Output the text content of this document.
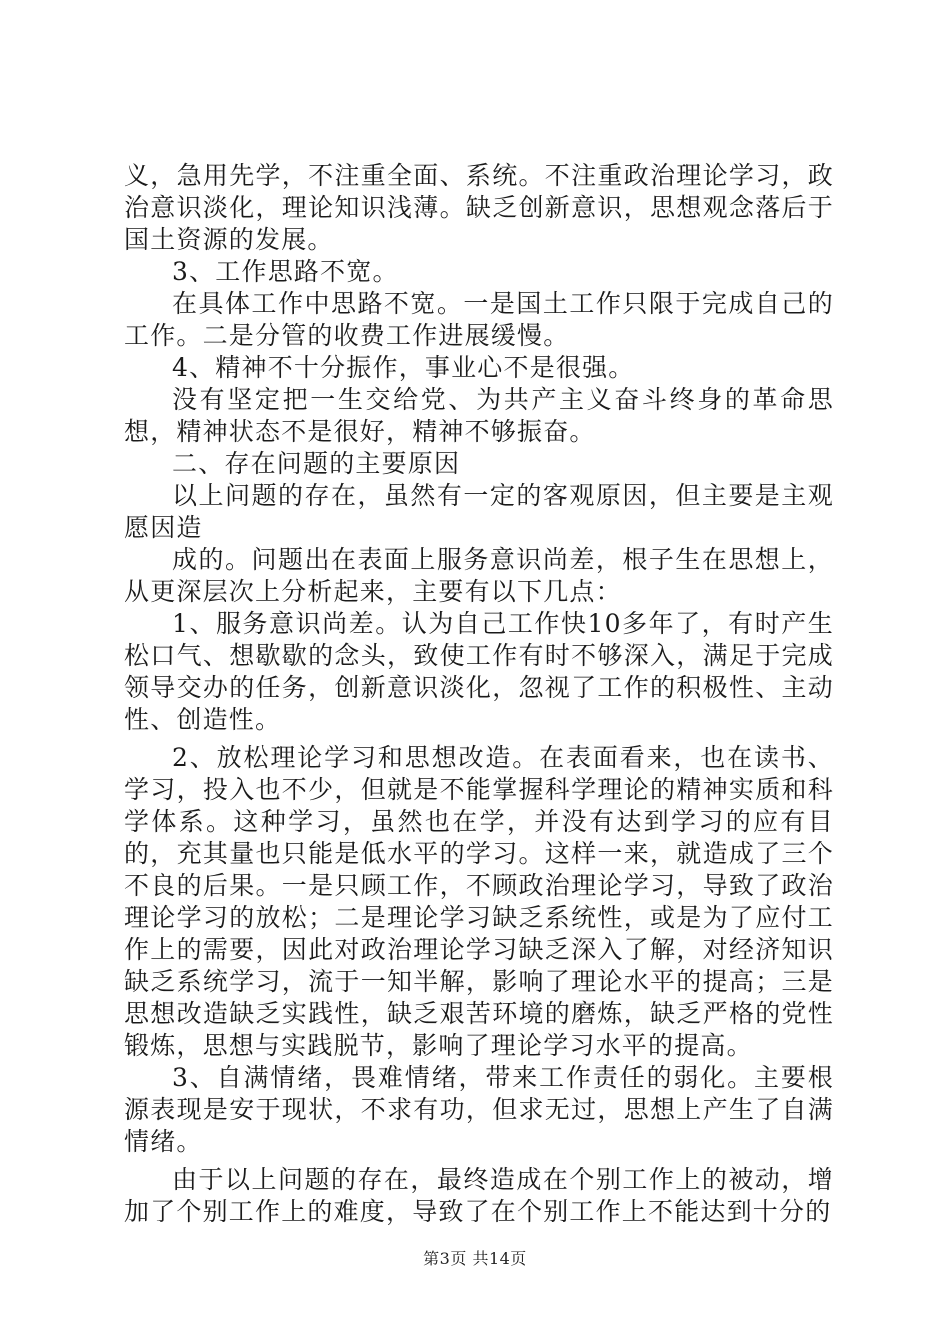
义，急用先学，不注重全面、系统。不注重政治理论学习，政治意识淡化，理论知识浅薄。缺乏创新意识，思想观念落后于国土资源的发展。

3、工作思路不宽。

在具体工作中思路不宽。一是国土工作只限于完成自己的工作。二是分管的收费工作进展缓慢。

4、精神不十分振作，事业心不是很强。

没有坚定把一生交给党、为共产主义奋斗终身的革命思想，精神状态不是很好，精神不够振奋。

二、存在问题的主要原因

以上问题的存在，虽然有一定的客观原因，但主要是主观愿因造

成的。问题出在表面上服务意识尚差，根子生在思想上，从更深层次上分析起来，主要有以下几点：

1、服务意识尚差。认为自己工作快10多年了，有时产生松口气、想歇歇的念头，致使工作有时不够深入，满足于完成领导交办的任务，创新意识淡化，忽视了工作的积极性、主动性、创造性。

2、放松理论学习和思想改造。在表面看来，也在读书、学习，投入也不少，但就是不能掌握科学理论的精神实质和科学体系。这种学习，虽然也在学，并没有达到学习的应有目的，充其量也只能是低水平的学习。这样一来，就造成了三个不良的后果。一是只顾工作，不顾政治理论学习，导致了政治理论学习的放松；二是理论学习缺乏系统性，或是为了应付工作上的需要，因此对政治理论学习缺乏深入了解，对经济知识缺乏系统学习，流于一知半解，影响了理论水平的提高；三是思想改造缺乏实践性，缺乏艰苦环境的磨炼，缺乏严格的党性锻炼，思想与实践脱节，影响了理论学习水平的提高。

3、自满情绪，畏难情绪，带来工作责任的弱化。主要根源表现是安于现状，不求有功，但求无过，思想上产生了自满情绪。

由于以上问题的存在，最终造成在个别工作上的被动，增加了个别工作上的难度，导致了在个别工作上不能达到十分的

第3页 共14页
